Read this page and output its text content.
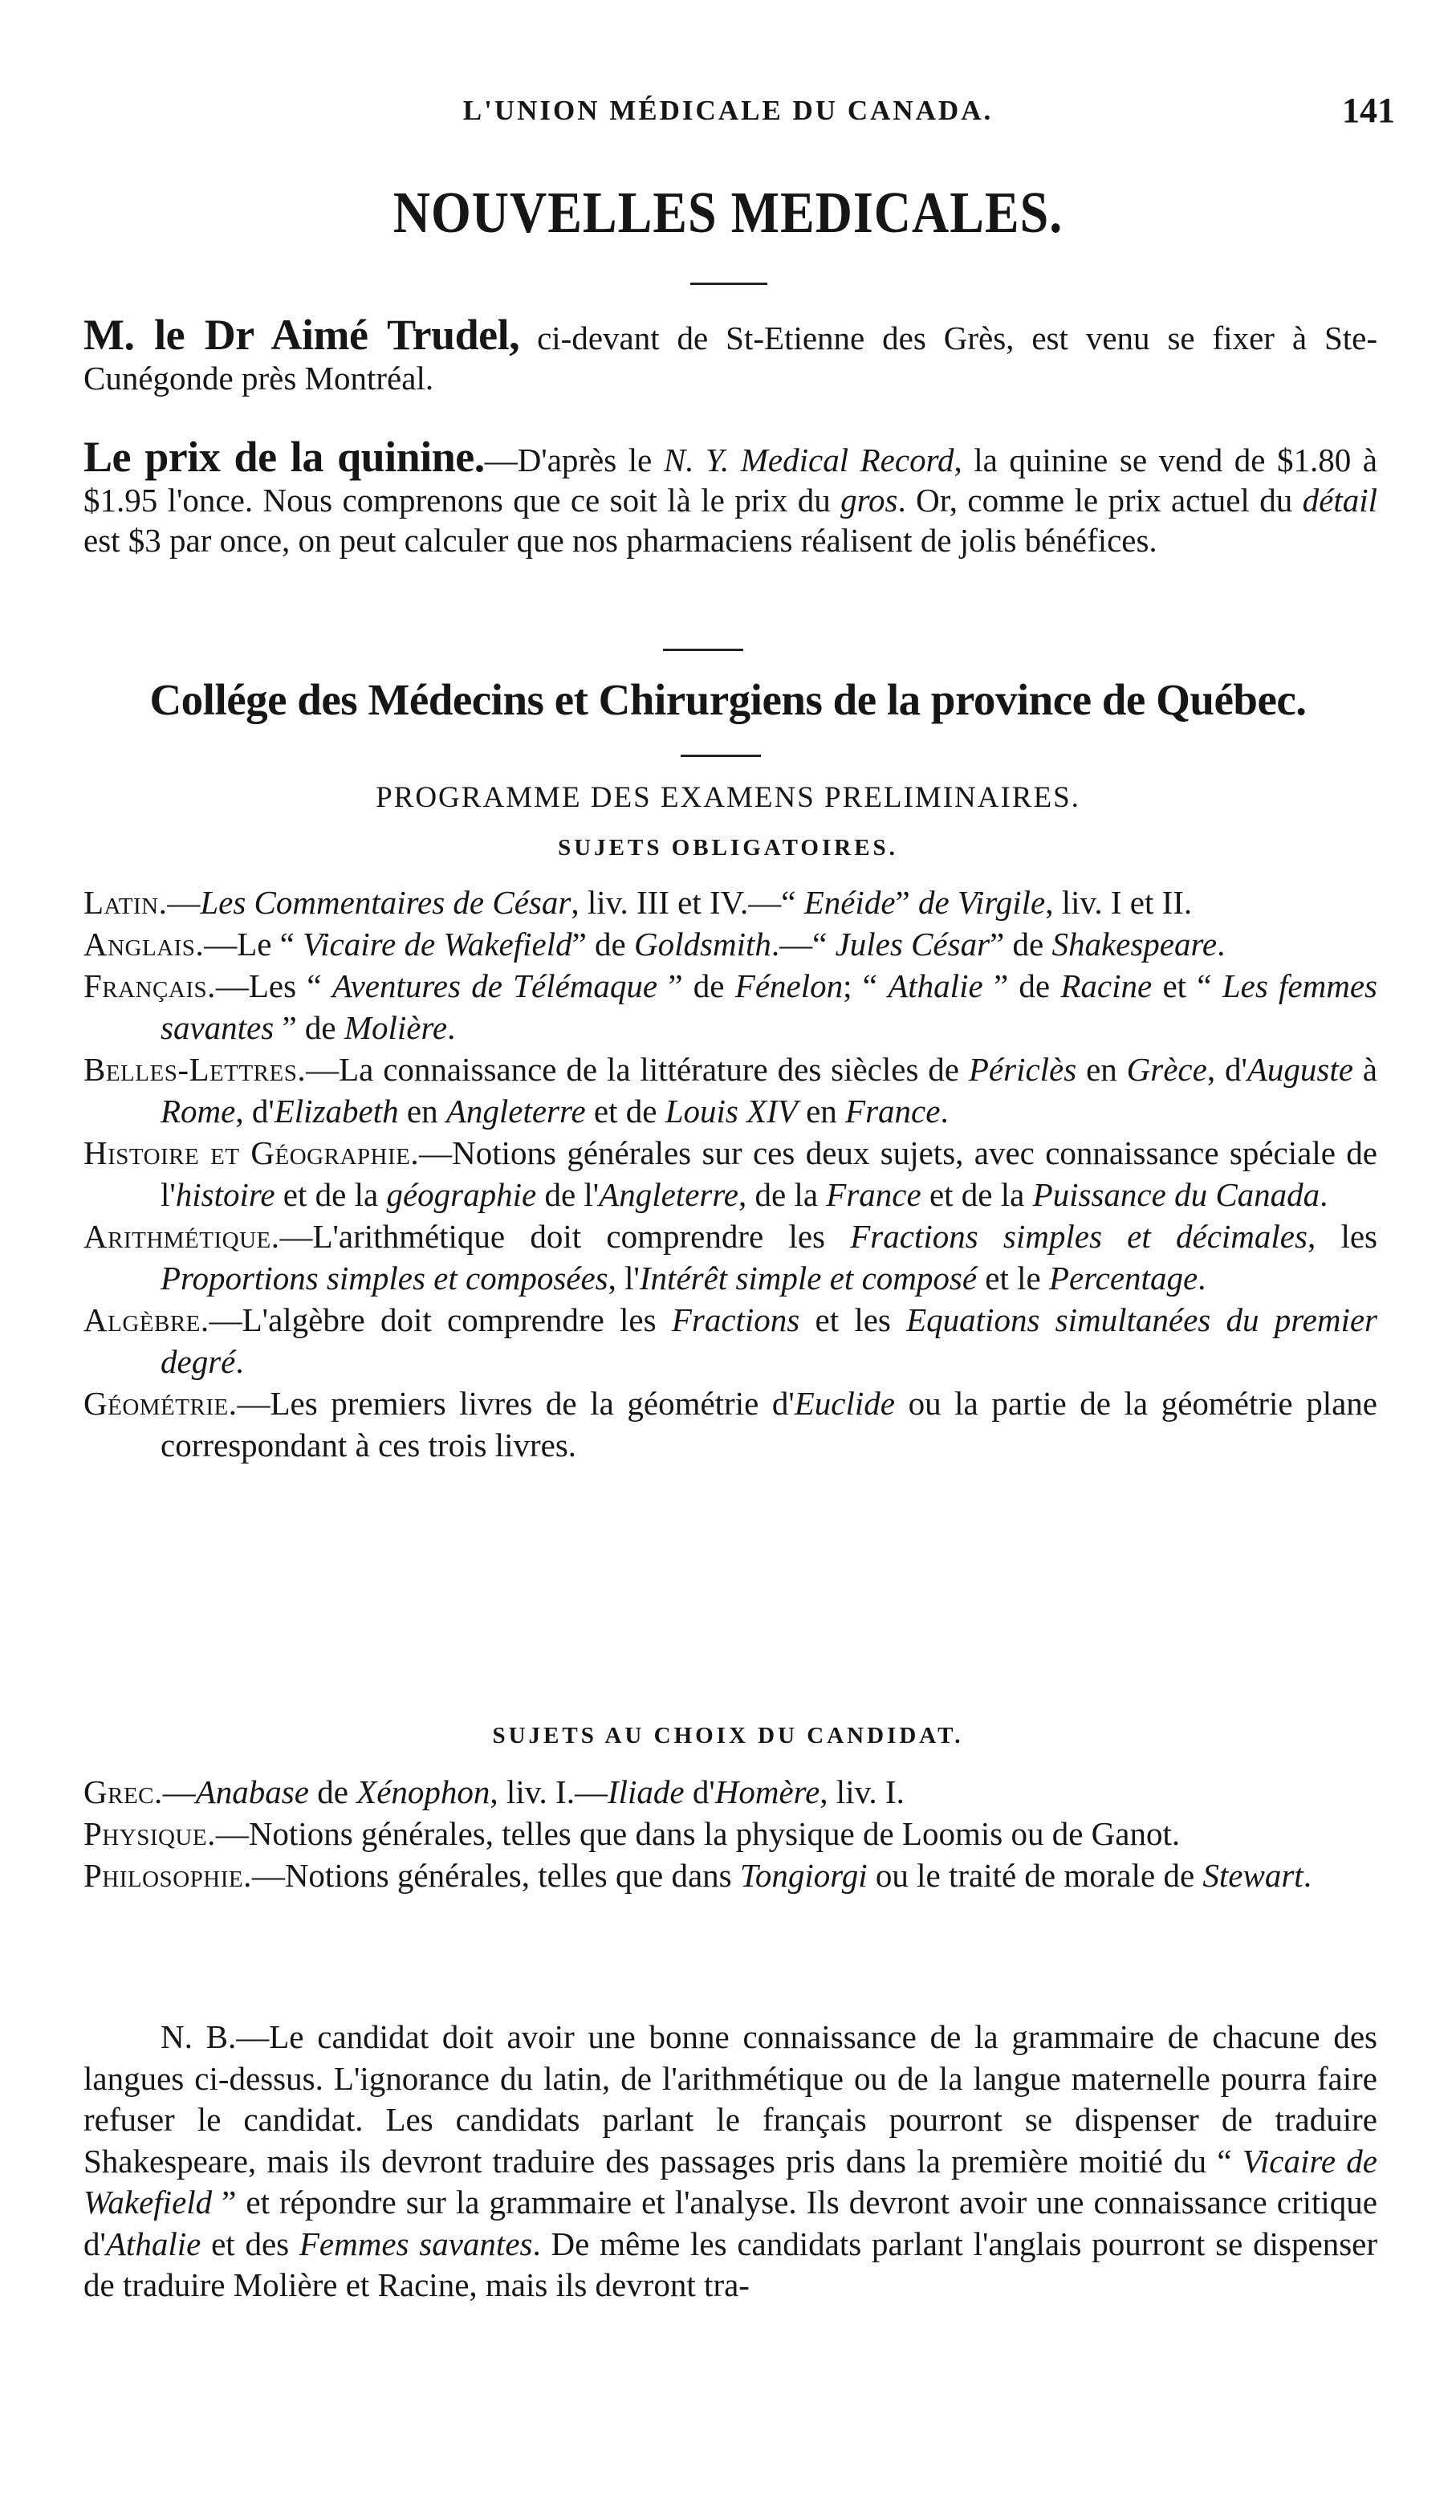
L'UNION MÉDICALE DU CANADA.	141
NOUVELLES MEDICALES.

M. le Dr Aimé Trudel, ci-devant de St-Etienne des Grès, est venu se fixer à Ste-Cunégonde près Montréal.

Le prix de la quinine.—D'après le N. Y. Medical Record, la quinine se vend de $1.80 à $1.95 l'once. Nous comprenons que ce soit là le prix du gros. Or, comme le prix actuel du détail est $3 par once, on peut calculer que nos pharmaciens réalisent de jolis bénéfices.

Collége des Médecins et Chirurgiens de la province de Québec.
PROGRAMME DES EXAMENS PRELIMINAIRES.
SUJETS OBLIGATOIRES.
Latin.—Les Commentaires de César, liv. III et IV.—“ Enéide” de Virgile, liv. I et II.
Anglais.—Le “ Vicaire de Wakefield” de Goldsmith.—“ Jules César” de Shakespeare.
Français.—Les “ Aventures de Télémaque ” de Fénelon; “ Athalie ” de Racine et “ Les femmes savantes ” de Molière.
Belles-Lettres.—La connaissance de la littérature des siècles de Périclès en Grèce, d'Auguste à Rome, d'Elizabeth en Angleterre et de Louis XIV en France.
Histoire et Géographie.—Notions générales sur ces deux sujets, avec connaissance spéciale de l'histoire et de la géographie de l'Angleterre, de la France et de la Puissance du Canada.
Arithmétique.—L'arithmétique doit comprendre les Fractions simples et décimales, les Proportions simples et composées, l'Intérêt simple et composé et le Percentage.
Algèbre.—L'algèbre doit comprendre les Fractions et les Equations simultanées du premier degré.
Géométrie.—Les premiers livres de la géométrie d'Euclide ou la partie de la géométrie plane correspondant à ces trois livres.
SUJETS AU CHOIX DU CANDIDAT.
Grec.—Anabase de Xénophon, liv. I.—Iliade d'Homère, liv. I.
Physique.—Notions générales, telles que dans la physique de Loomis ou de Ganot.
Philosophie.—Notions générales, telles que dans Tongiorgi ou le traité de morale de Stewart.
N. B.—Le candidat doit avoir une bonne connaissance de la grammaire de chacune des langues ci-dessus. L'ignorance du latin, de l'arithmétique ou de la langue maternelle pourra faire refuser le candidat. Les candidats parlant le français pourront se dispenser de traduire Shakespeare, mais ils devront traduire des passages pris dans la première moitié du “ Vicaire de Wakefield ” et répondre sur la grammaire et l'analyse. Ils devront avoir une connaissance critique d'Athalie et des Femmes savantes. De même les candidats parlant l'anglais pourront se dispenser de traduire Molière et Racine, mais ils devront tra-
